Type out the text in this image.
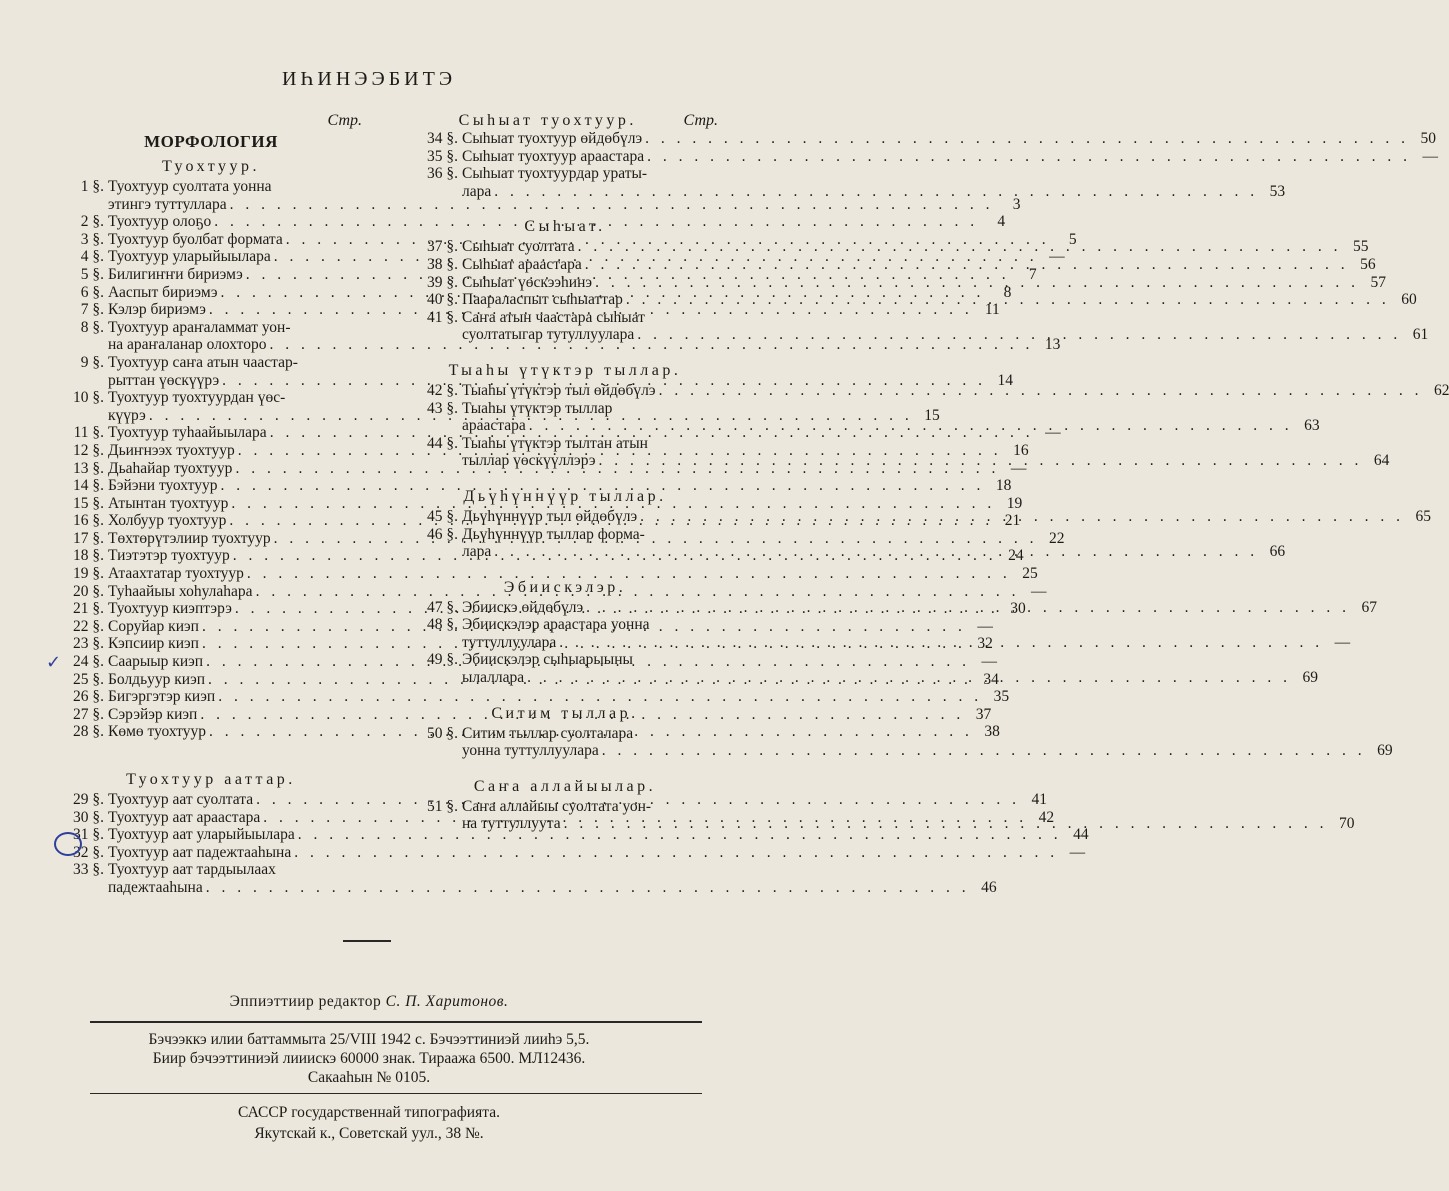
ИҺИНЭЭБИТЭ
Стр.
МОРФОЛОГИЯ
Туохтуур.
1 §. Туохтуур суолтата уонна
этингэ туттуллара . . .	3
2 §. Туохтуур олоҕо . . .	4
3 §. Туохтуур буолбат формата . . .	5
4 §. Туохтуур уларыйыылара . . .	—
5 §. Билигиҥҥи бириэмэ . . .	7
6 §. Ааспыт бириэмэ . . .	8
7 §. Кэлэр бириэмэ . . .	11
8 §. Туохтуур араҥаламмат уон-
на араҥаланар олохторо . . .	13
9 §. Туохтуур саҥа атын чаастар-
рыттан үөскүүрэ . . .	14
10 §. Туохтуур туохтуурдан үөс-
күүрэ . . .	15
11 §. Туохтуур туһаайыылара . . .	—
12 §. Дьиҥнээх туохтуур . . .	16
13 §. Дьаһайар туохтуур . . .	—
14 §. Бэйэни туохтуур . . .	18
15 §. Атынтан туохтуур . . .	19
16 §. Холбуур туохтуур . . .	21
17 §. Төхтөрүтэлиир туохтуур . . .	22
18 §. Тиэтэтэр туохтуур . . .	24
19 §. Атаахтатар туохтуур . . .	25
20 §. Туһаайыы хоһулаһара . . .	—
21 §. Туохтуур киэптэрэ . . .	30
22 §. Соруйар киэп . . .	—
23 §. Кэпсиир киэп . . .	32
24 §. Саарыыр киэп . . .	—
25 §. Болдьуур киэп . . .	34
26 §. Бигэргэтэр киэп . . .	35
27 §. Сэрэйэр киэп . . .	37
28 §. Көмө туохтуур . . .	38
Туохтуур ааттар.
29 §. Туохтуур аат суолтата . . .	41
30 §. Туохтуур аат араастара . . .	42
31 §. Туохтуур аат уларыйыылара . . .	44
32 §. Туохтуур аат падежтааһына . . .	—
33 §. Туохтуур аат тардыылаах
падежтааһына . . .	46
Сыһыат туохтуур.	Стр.
34 §. Сыһыат туохтуур өйдөбүлэ . . .	50
35 §. Сыһыат туохтуур араастара . . .	—
36 §. Сыһыат туохтуурдар ураты-
лара . . .	53
Сыһыат.
37 §. Сыһыат суолтата . . .	55
38 §. Сыһыат араастара . . .	56
39 §. Сыһыат үөскээһинэ . . .	57
40 §. Паараласпыт сыһыаттар . . .	60
41 §. Саҥа атын чаастара сыһыат
суолтатыгар тутуллуулара . . .	61
Тыаһы үтүктэр тыллар.
42 §. Тыаһы үтүктэр тыл өйдөбүлэ . . .	62
43 §. Тыаһы үтүктэр тыллар
араастара . . .	63
44 §. Тыаһы үтүктэр тылтан атын
тыллар үөскүүллэрэ . . .	64
Дьүһүннүүр тыллар.
45 §. Дьүһүннүүр тыл өйдөбүлэ . . .	65
46 §. Дьүһүннүүр тыллар форма-
лара . . .	66
Эбиискэлэр.
47 §. Эбиискэ өйдөбүлэ . . .	67
48 §. Эбиискэлэр араастара уонна
туттуллуулара . . .	—
49 §. Эбиискэлэр сыһыарыыны
ылаллара . . .	69
Ситим тыллар.
50 §. Ситим тыллар суолталара
уонна туттуллуулара . . .	69
Саҥа аллайыылар.
51 §. Саҥа аллайыы суолтата уон-
на туттуллуута . . .	70
✓
Эппиэттиир редактор С. П. Харитонов.
Бэчээккэ илии баттаммыта 25/VIII 1942 с. Бэчээттиниэй лииһэ 5,5.
Биир бэчээттиниэй лииискэ 60000 знак. Тираажа 6500. МЛ12436.
Сакааһын № 0105.
САССР государственнай типографията.
Якутскай к., Советскай уул., 38 №.
